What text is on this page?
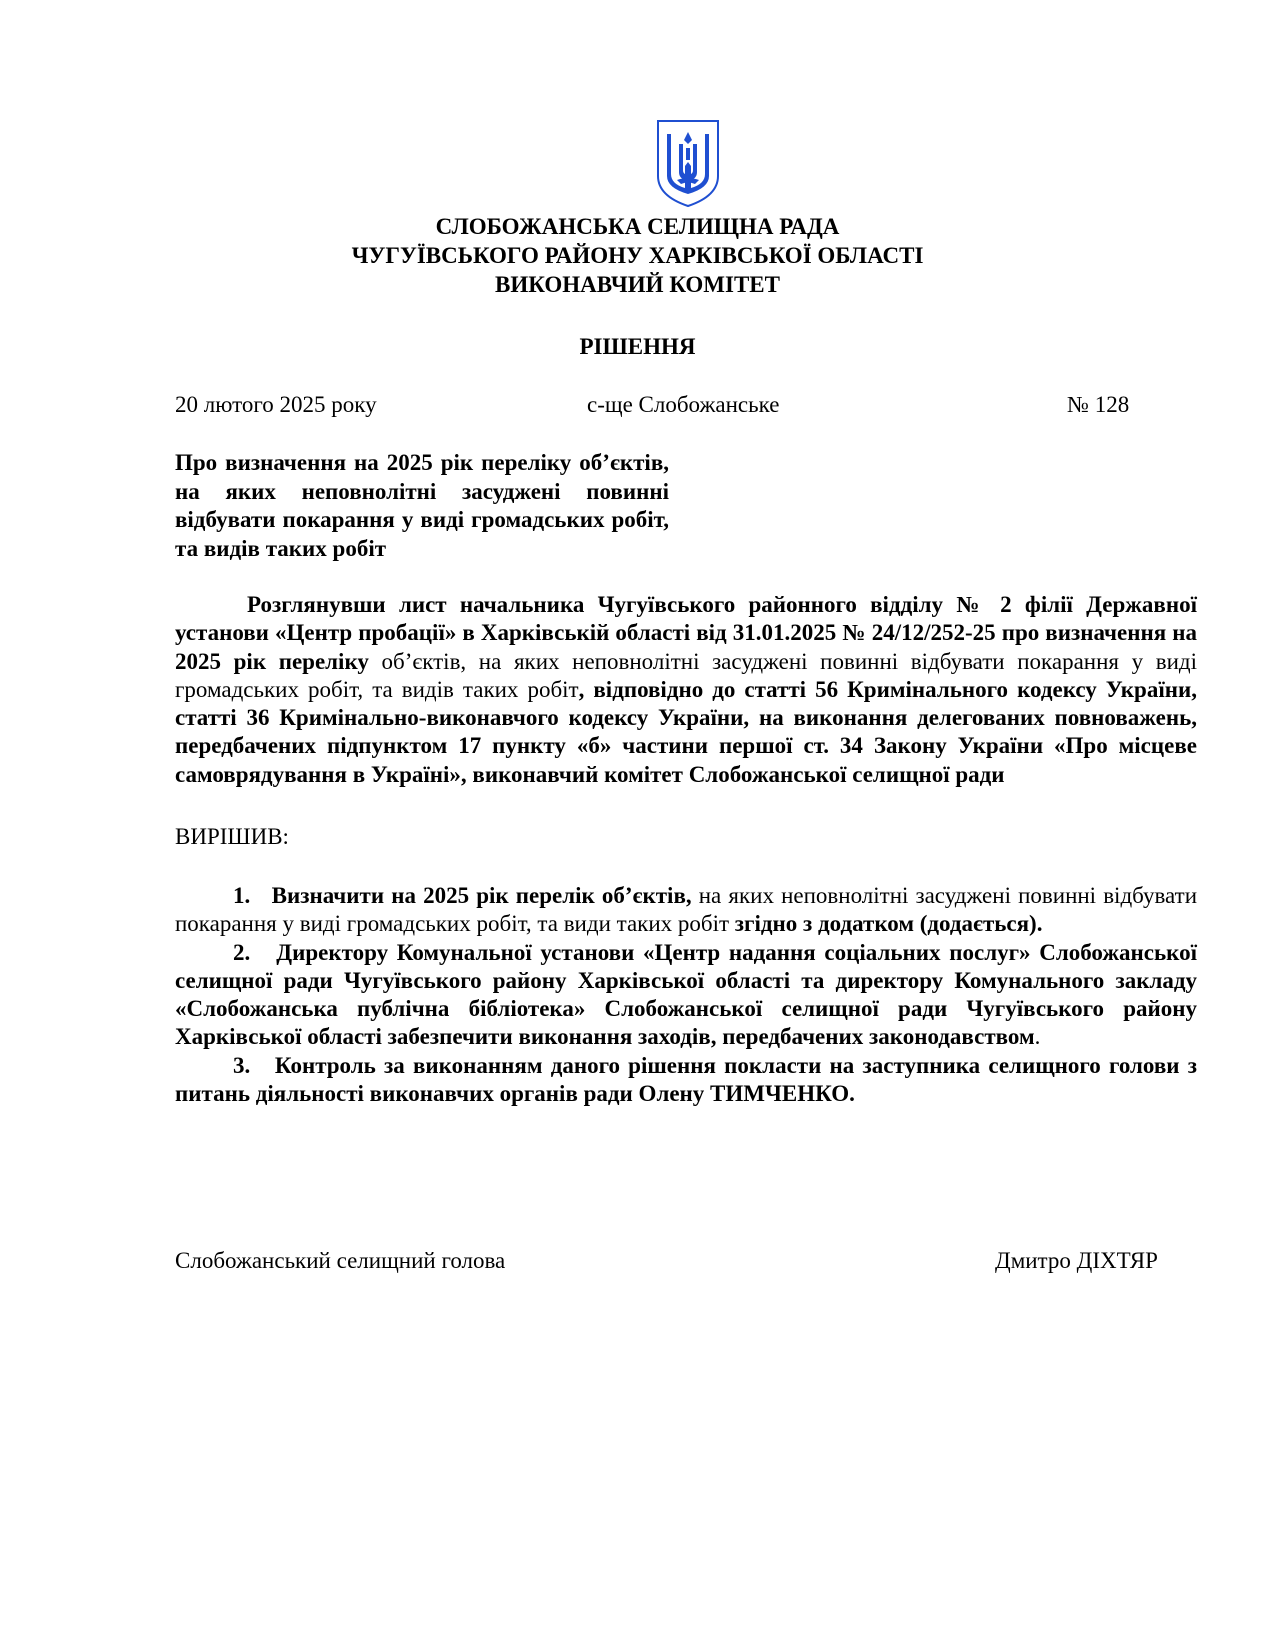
СЛОБОЖАНСЬКА СЕЛИЩНА РАДА
ЧУГУЇВСЬКОГО РАЙОНУ ХАРКІВСЬКОЇ ОБЛАСТІ
ВИКОНАВЧИЙ КОМІТЕТ
РІШЕННЯ
20 лютого 2025 року	с-ще Слобожанське	№ 128
Про визначення на 2025 рік переліку об’єктів, на яких неповнолітні засуджені повинні відбувати покарання у виді громадських робіт, та видів таких робіт
Розглянувши лист начальника Чугуївського районного відділу № 2 філії Державної установи «Центр пробації» в Харківській області від 31.01.2025 № 24/12/252-25 про визначення на 2025 рік переліку об’єктів, на яких неповнолітні засуджені повинні відбувати покарання у виді громадських робіт, та видів таких робіт, відповідно до статті 56 Кримінального кодексу України, статті 36 Кримінально-виконавчого кодексу України, на виконання делегованих повноважень, передбачених підпунктом 17 пункту «б» частини першої ст. 34 Закону України «Про місцеве самоврядування в Україні», виконавчий комітет Слобожанської селищної ради
ВИРІШИВ:
1. Визначити на 2025 рік перелік об’єктів, на яких неповнолітні засуджені повинні відбувати покарання у виді громадських робіт, та види таких робіт згідно з додатком (додається).
2. Директору Комунальної установи «Центр надання соціальних послуг» Слобожанської селищної ради Чугуївського району Харківської області та директору Комунального закладу «Слобожанська публічна бібліотека» Слобожанської селищної ради Чугуївського району Харківської області забезпечити виконання заходів, передбачених законодавством.
3. Контроль за виконанням даного рішення покласти на заступника селищного голови з питань діяльності виконавчих органів ради Олену ТИМЧЕНКО.
Слобожанський селищний голова	Дмитро ДІХТЯР
